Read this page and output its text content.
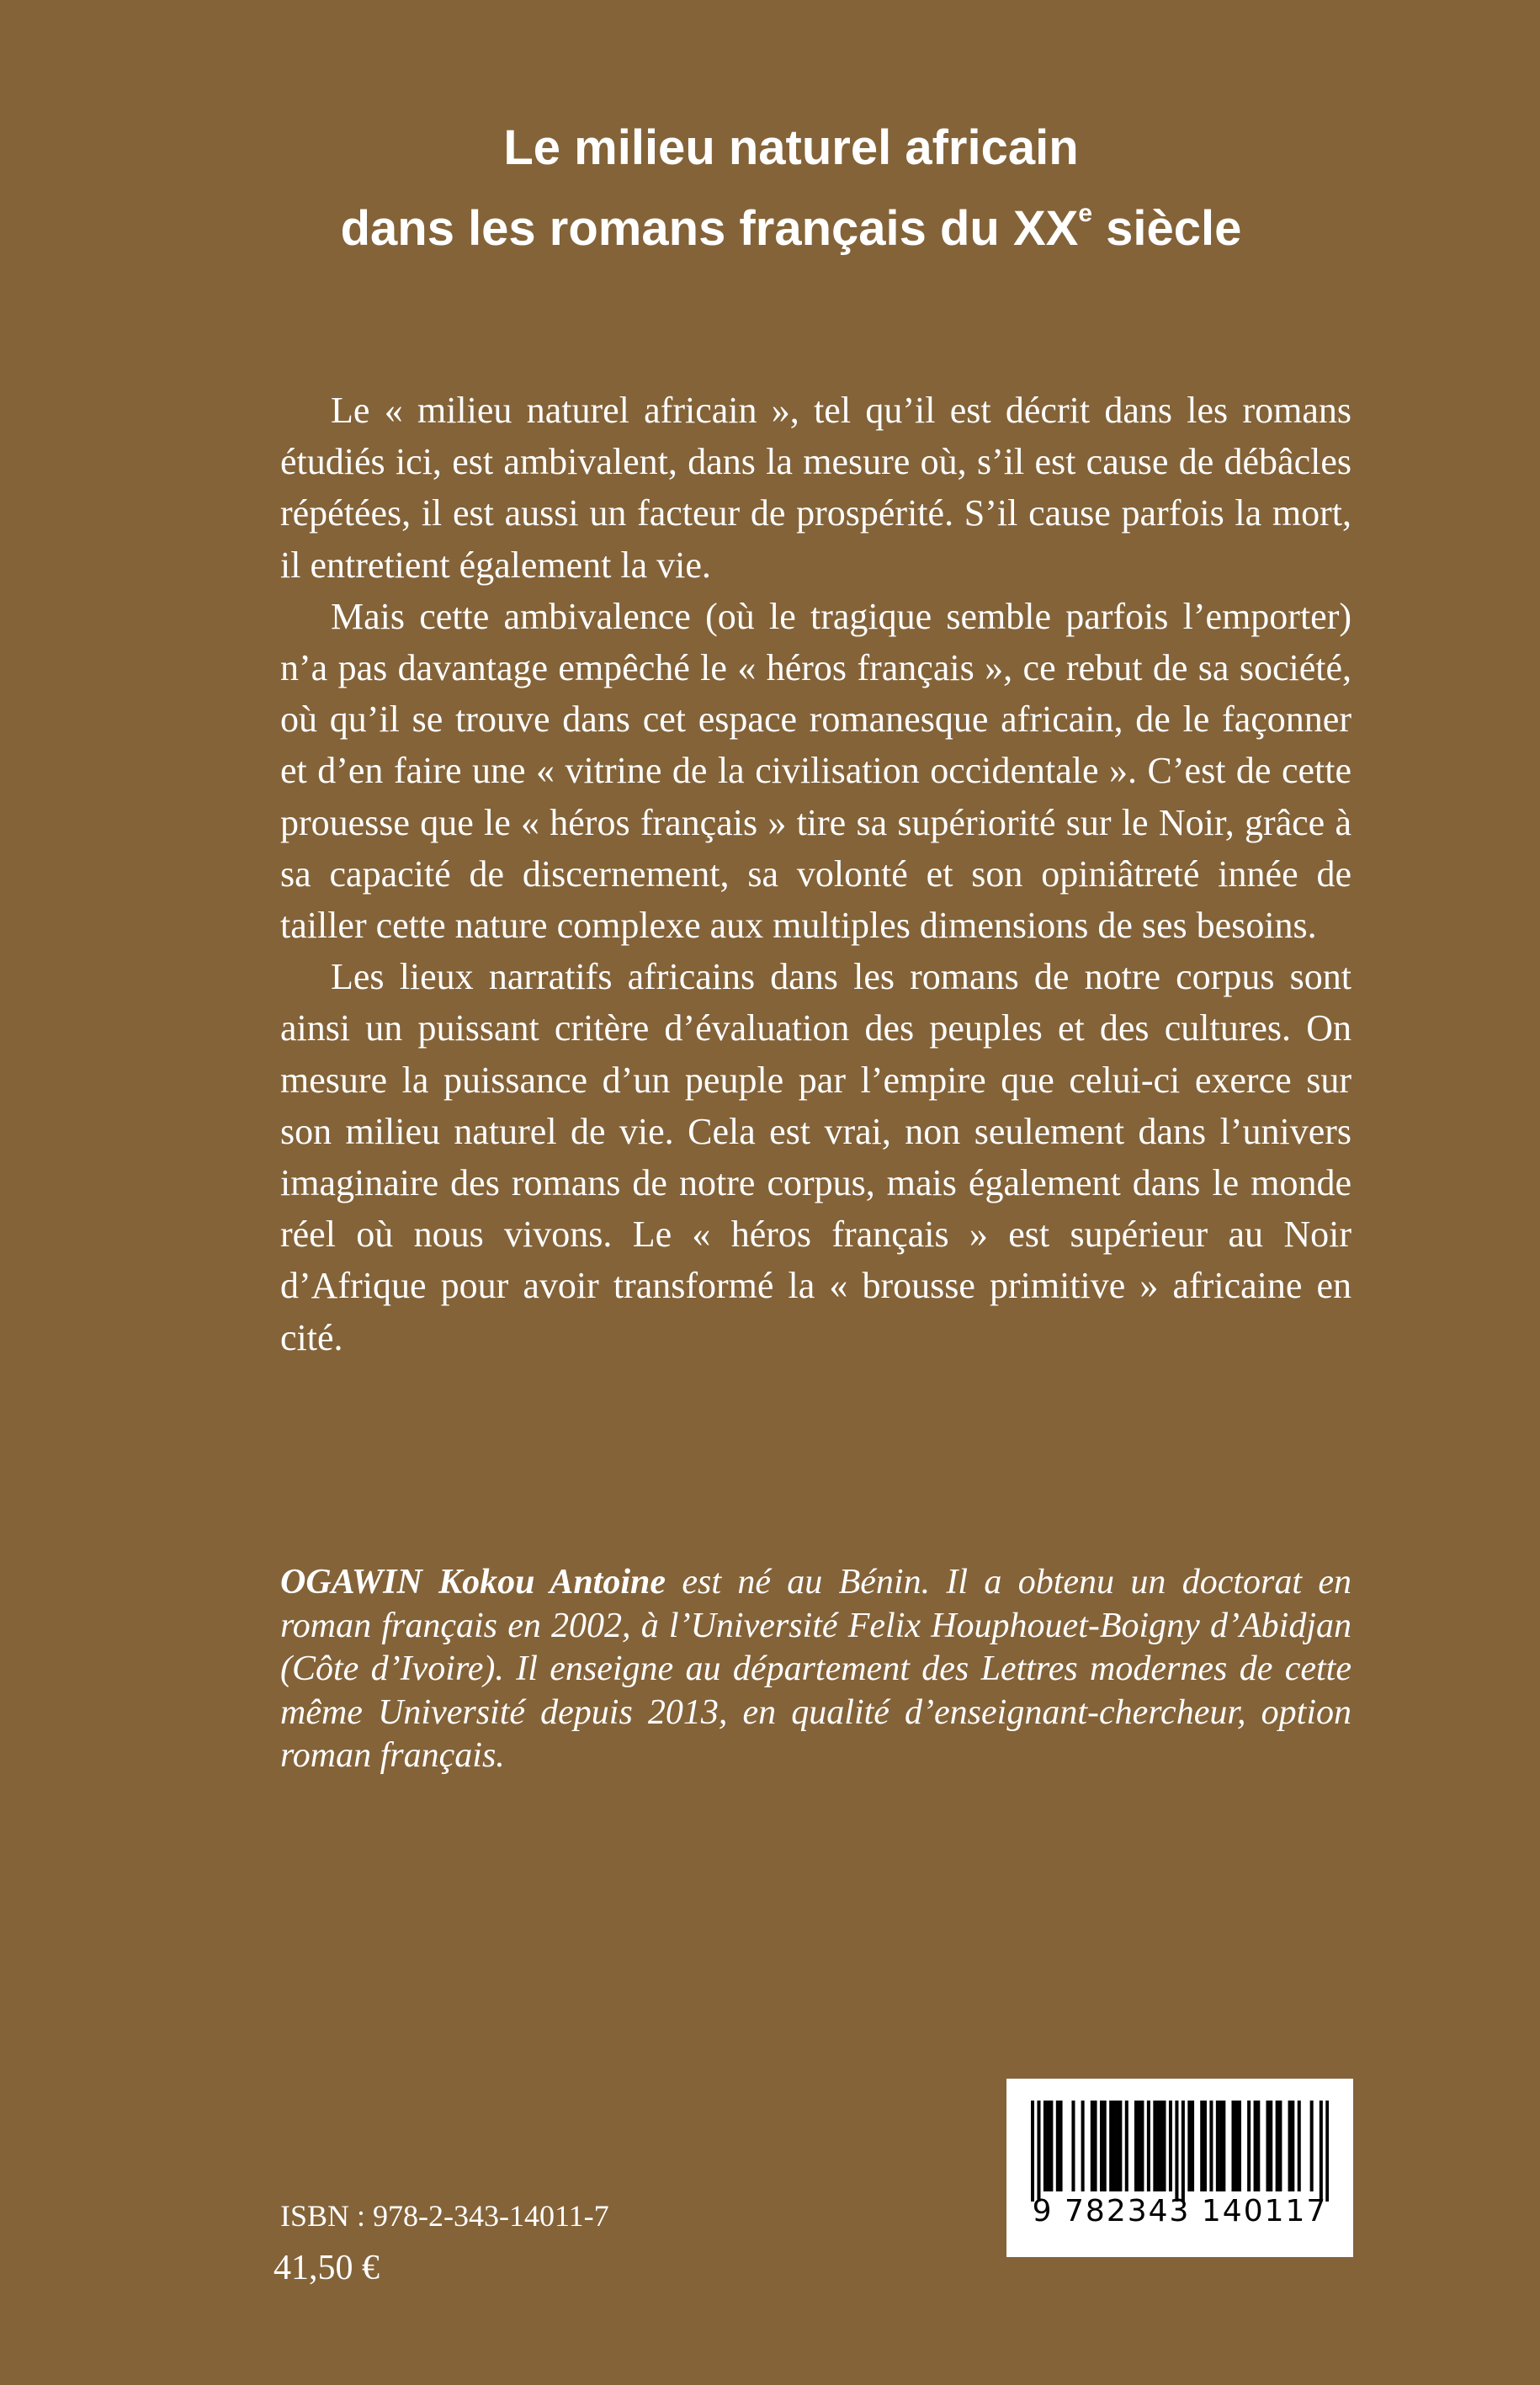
Le milieu naturel africain
dans les romans français du XXe siècle

Le « milieu naturel africain », tel qu’il est décrit dans les romans étudiés ici, est ambivalent, dans la mesure où, s’il est cause de débâcles répétées, il est aussi un facteur de prospérité. S’il cause parfois la mort, il entretient également la vie.

Mais cette ambivalence (où le tragique semble parfois l’emporter) n’a pas davantage empêché le « héros français », ce rebut de sa société, où qu’il se trouve dans cet espace romanesque africain, de le façonner et d’en faire une « vitrine de la civilisation occidentale ». C’est de cette prouesse que le « héros français » tire sa supériorité sur le Noir, grâce à sa capacité de discernement, sa volonté et son opiniâtreté innée de tailler cette nature complexe aux multiples dimensions de ses besoins.

Les lieux narratifs africains dans les romans de notre corpus sont ainsi un puissant critère d’évaluation des peuples et des cultures. On mesure la puissance d’un peuple par l’empire que celui-ci exerce sur son milieu naturel de vie. Cela est vrai, non seulement dans l’univers imaginaire des romans de notre corpus, mais également dans le monde réel où nous vivons. Le « héros français » est supérieur au Noir d’Afrique pour avoir transformé la « brousse primitive » africaine en cité.

OGAWIN Kokou Antoine est né au Bénin. Il a obtenu un doctorat en roman français en 2002, à l’Université Felix Houphouet-Boigny d’Abidjan (Côte d’Ivoire). Il enseigne au département des Lettres modernes de cette même Université depuis 2013, en qualité d’enseignant-chercheur, option roman français.

ISBN : 978-2-343-14011-7
41,50 €
9 782343 140117
